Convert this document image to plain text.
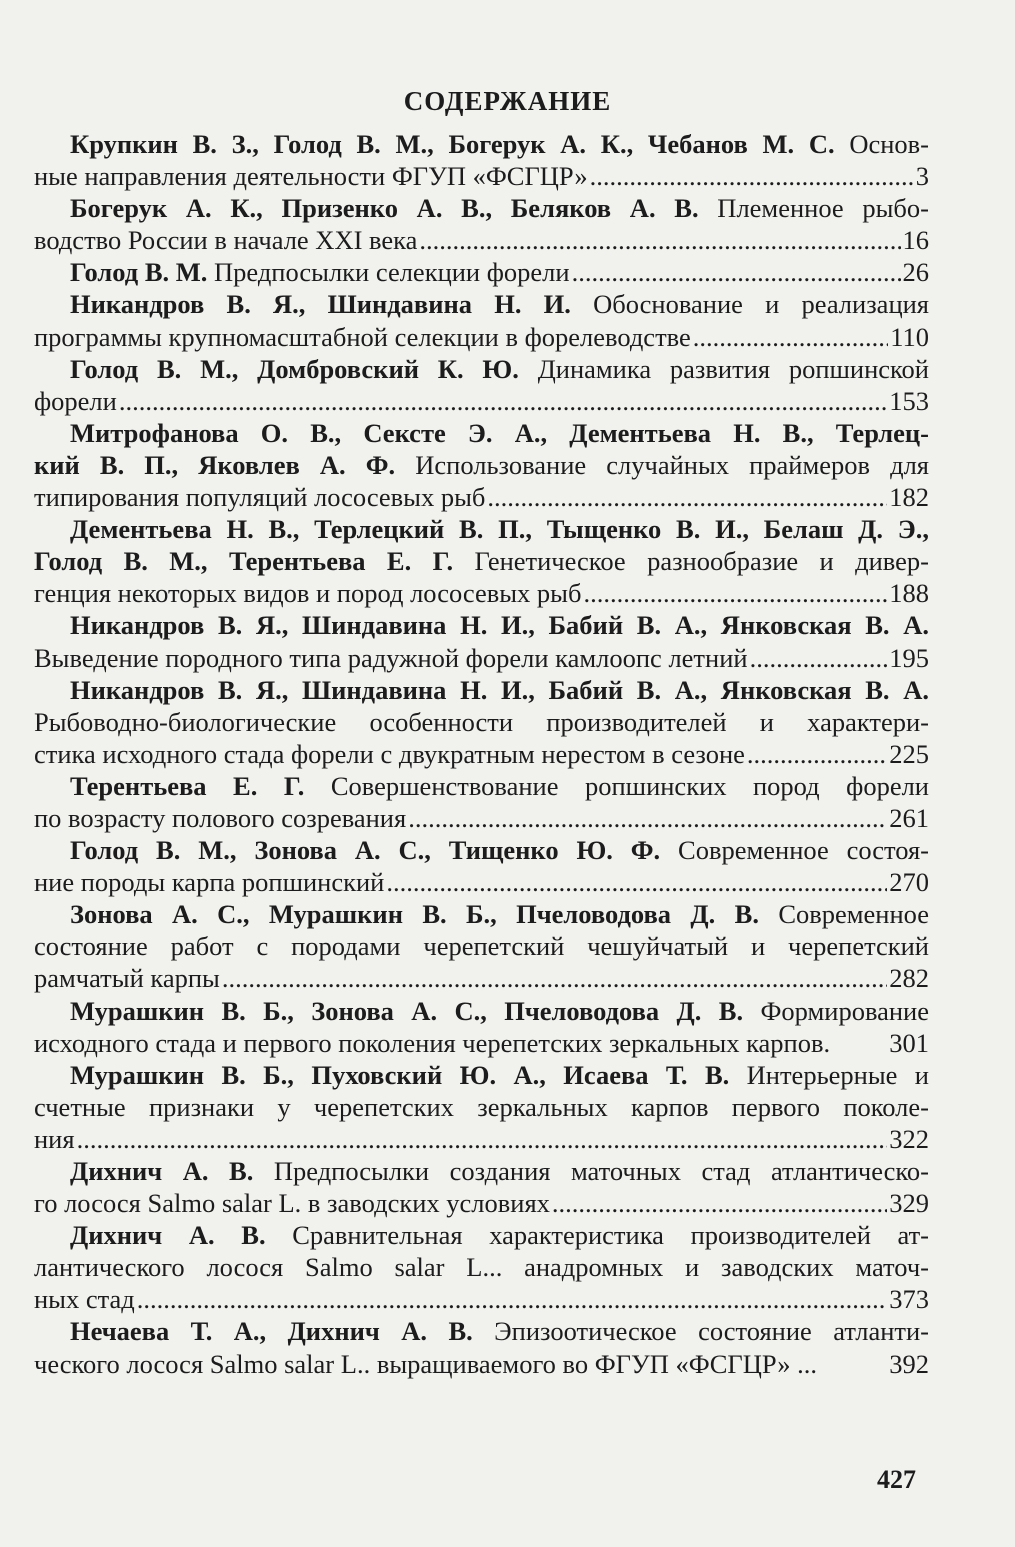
СОДЕРЖАНИЕ
Крупкин В. З., Голод В. М., Богерук А. К., Чебанов М. С. Основ-
ные направления деятельности ФГУП «ФСГЦР» .....	3
Богерук А. К., Призенко А. В., Беляков А. В. Племенное рыбо-
водство России в начале XXI века .....	16
Голод В. М. Предпосылки селекции форели .....	26
Никандров В. Я., Шиндавина Н. И. Обоснование и реализация
программы крупномасштабной селекции в форелеводстве .....	110
Голод В. М., Домбровский К. Ю. Динамика развития ропшинской
форели .....	153
Митрофанова О. В., Сексте Э. А., Дементьева Н. В., Терлец-
кий В. П., Яковлев А. Ф. Использование случайных праймеров для
типирования популяций лососевых рыб .....	182
Дементьева Н. В., Терлецкий В. П., Тыщенко В. И., Белаш Д. Э.,
Голод В. М., Терентьева Е. Г. Генетическое разнообразие и дивер-
генция некоторых видов и пород лососевых рыб .....	188
Никандров В. Я., Шиндавина Н. И., Бабий В. А., Янковская В. А.
Выведение породного типа радужной форели камлоопс летний .....	195
Никандров В. Я., Шиндавина Н. И., Бабий В. А., Янковская В. А.
Рыбоводно-биологические особенности производителей и характери-
стика исходного стада форели с двукратным нерестом в сезоне .....	225
Терентьева Е. Г. Совершенствование ропшинских пород форели
по возрасту полового созревания .....	261
Голод В. М., Зонова А. С., Тищенко Ю. Ф. Современное состоя-
ние породы карпа ропшинский .....	270
Зонова А. С., Мурашкин В. Б., Пчеловодова Д. В. Современное
состояние работ с породами черепетский чешуйчатый и черепетский
рамчатый карпы .....	282
Мурашкин В. Б., Зонова А. С., Пчеловодова Д. В. Формирование
исходного стада и первого поколения черепетских зеркальных карпов. 301
Мурашкин В. Б., Пуховский Ю. А., Исаева Т. В. Интерьерные и
счетные признаки у черепетских зеркальных карпов первого поколе-
ния .....	322
Дихнич А. В. Предпосылки создания маточных стад атлантическо-
го лосося Salmo salar L. в заводских условиях .....	329
Дихнич А. В. Сравнительная характеристика производителей ат-
лантического лосося Salmo salar L... анадромных и заводских маточ-
ных стад .....	373
Нечаева Т. А., Дихнич А. В. Эпизоотическое состояние атланти-
ческого лосося Salmo salar L.. выращиваемого во ФГУП «ФСГЦР» ...	392
427
